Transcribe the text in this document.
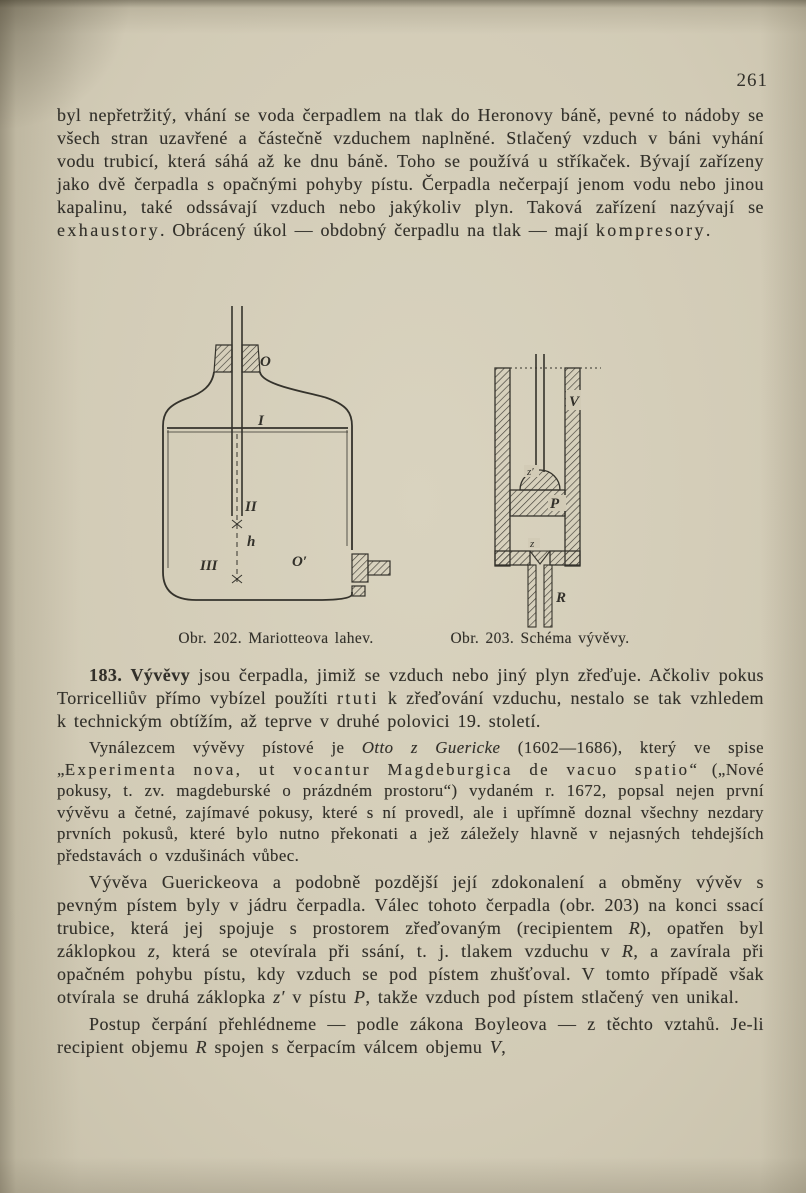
261

byl nepřetržitý, vhání se voda čerpadlem na tlak do Heronovy báně, pevné to nádoby se všech stran uzavřené a částečně vzduchem naplněné. Stlačený vzduch v báni vyhání vodu trubicí, která sáhá až ke dnu báně. Toho se používá u stříkaček. Bývají zařízeny jako dvě čerpadla s opačnými pohyby pístu. Čerpadla nečerpají jenom vodu nebo jinou kapalinu, také odssávají vzduch nebo jakýkoliv plyn. Taková zařízení nazývají se exhaustory. Obrácený úkol — obdobný čerpadlu na tlak — mají kompresory.

O
I
II
III
h
O′
V
P
z′
z
R
Obr. 202. Mariotteova lahev.	Obr. 203. Schéma vývěvy.

183. Vývěvy jsou čerpadla, jimiž se vzduch nebo jiný plyn zřeďuje. Ačkoliv pokus Torricelliův přímo vybízel použíti rtuti k zřeďování vzduchu, nestalo se tak vzhledem k technickým obtížím, až teprve v druhé polovici 19. století.

Vynálezcem vývěvy pístové je Otto z Guericke (1602—1686), který ve spise „Experimenta nova, ut vocantur Magdeburgica de vacuo spatio“ („Nové pokusy, t. zv. magdeburské o prázdném prostoru“) vydaném r. 1672, popsal nejen první vývěvu a četné, zajímavé pokusy, které s ní provedl, ale i upřímně doznal všechny nezdary prvních pokusů, které bylo nutno překonati a jež záležely hlavně v nejasných tehdejších představách o vzdušinách vůbec.

Vývěva Guerickeova a podobně pozdější její zdokonalení a obměny vývěv s pevným pístem byly v jádru čerpadla. Válec tohoto čerpadla (obr. 203) na konci ssací trubice, která jej spojuje s prostorem zřeďovaným (recipientem R), opatřen byl záklopkou z, která se otevírala při ssání, t. j. tlakem vzduchu v R, a zavírala při opačném pohybu pístu, kdy vzduch se pod pístem zhušťoval. V tomto případě však otvírala se druhá záklopka z′ v pístu P, takže vzduch pod pístem stlačený ven unikal.

Postup čerpání přehlédneme — podle zákona Boyleova — z těchto vztahů. Je-li recipient objemu R spojen s čerpacím válcem objemu V,
